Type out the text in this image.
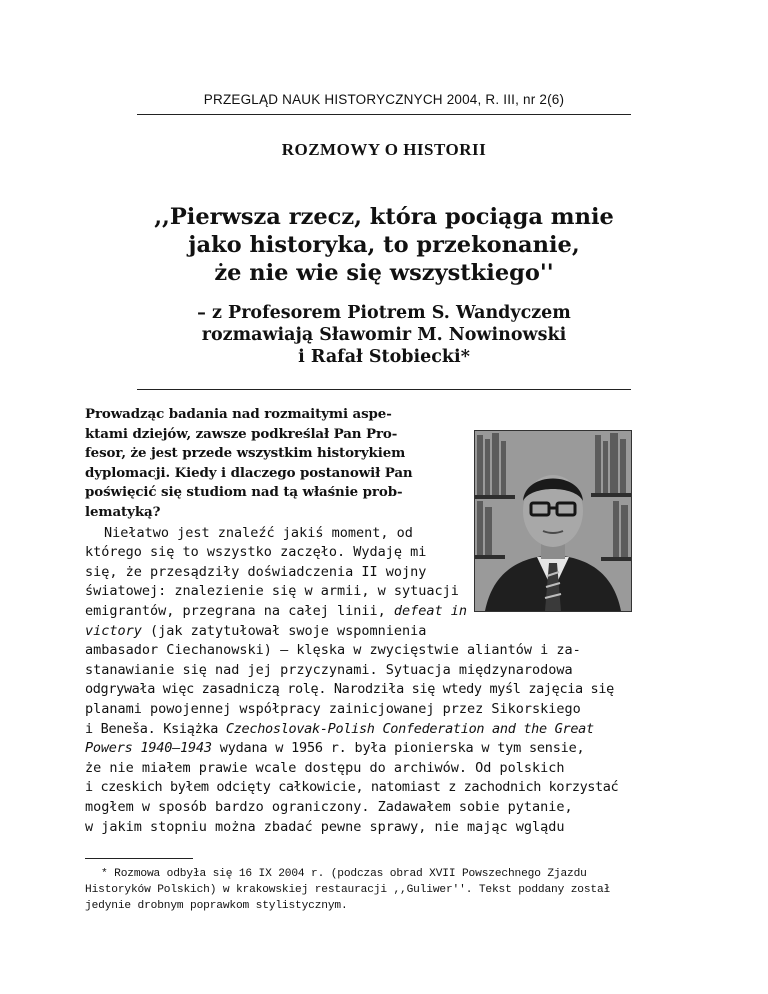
PRZEGLĄD NAUK HISTORYCZNYCH 2004, R. III, nr 2(6)
ROZMOWY O HISTORII
,,Pierwsza rzecz, która pociąga mnie
jako historyka, to przekonanie,
że nie wie się wszystkiego''
– z Profesorem Piotrem S. Wandyczem
rozmawiają Sławomir M. Nowinowski
i Rafał Stobiecki*
Prowadząc badania nad rozmaitymi aspe-
ktami dziejów, zawsze podkreślał Pan Pro-
fesor, że jest przede wszystkim historykiem
dyplomacji. Kiedy i dlaczego postanowił Pan
poświęcić się studiom nad tą właśnie prob-
lematyką?
Niełatwo jest znaleźć jakiś moment, od
którego się to wszystko zaczęło. Wydaję mi
się, że przesądziły doświadczenia II wojny
światowej: znalezienie się w armii, w sytuacji
emigrantów, przegrana na całej linii, defeat in
victory (jak zatytułował swoje wspomnienia
ambasador Ciechanowski) – klęska w zwycięstwie aliantów i za-
stanawianie się nad jej przyczynami. Sytuacja międzynarodowa
odgrywała więc zasadniczą rolę. Narodziła się wtedy myśl zajęcia się
planami powojennej współpracy zainicjowanej przez Sikorskiego
i Beneša. Książka Czechoslovak-Polish Confederation and the Great
Powers 1940–1943 wydana w 1956 r. była pionierska w tym sensie,
że nie miałem prawie wcale dostępu do archiwów. Od polskich
i czeskich byłem odcięty całkowicie, natomiast z zachodnich korzystać
mogłem w sposób bardzo ograniczony. Zadawałem sobie pytanie,
w jakim stopniu można zbadać pewne sprawy, nie mając wglądu
* Rozmowa odbyła się 16 IX 2004 r. (podczas obrad XVII Powszechnego Zjazdu
Historyków Polskich) w krakowskiej restauracji ,,Guliwer''. Tekst poddany został
jedynie drobnym poprawkom stylistycznym.
